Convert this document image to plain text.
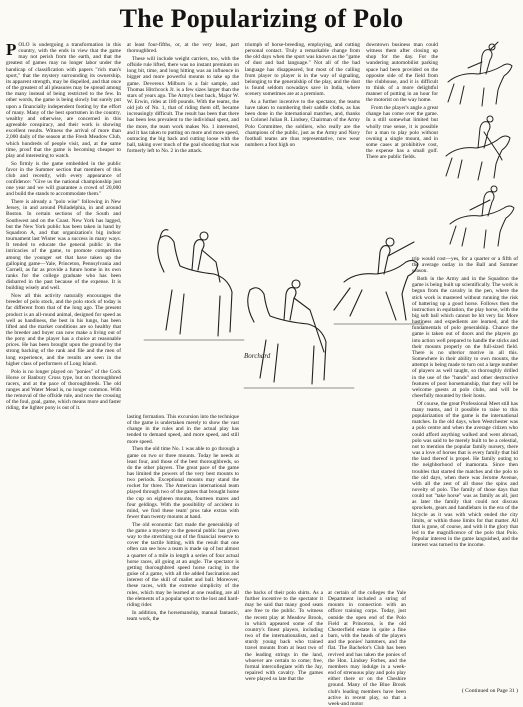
The Popularizing of Polo

POLO is undergoing a transformation in this country, with the ends in view that the game may not perish from the earth, and that the greatest of games may no longer labor under the handicap of classification with papers "rich man's sport," that the mystery surrounding its ownership, its apparent strength, may be dispelled, and that once of the greatest of all pleasures may be spread among the many instead of being restricted to the few. In other words, the game is being slowly but surely put upon a financially independent footing by the effort of many. Many of the best sportsmen in the country, wealthy and otherwise, are concerned in this agreeable conspiracy, and their work is showing excellent results. Witness the arrival of more than 2,000 daily of the season at the Fresh Meadow Club, which hundreds of people visit, and, at the same time, proof that the game is becoming cheaper to play and interesting to watch.

So firmly is the game embedded in the public favor in the Summer section that members of this club and recently, with every appearance of confidence: "Give us the national championship just one year and we will guarantee a crowd of 20,000 and build the stands to accommodate them."

There is already a "polo wise" following in New Jersey, in and around Philadelphia, in and around Boston. In certain sections of the South and Southwest and on the Coast. New York has lagged, but the New York public has been taken in hand by Squadron A, and that organization's big indoor tournament last Winter was a success in many ways. It tended to educate the general public in the intricacies of the game, to promote competition among the younger set that have taken up the galloping game—Yale, Princeton, Pennsylvania and Cornell, as far as provide a future home in its own ranks for the college graduate who has been disbarred in the past because of the expense. It is building wisely and well.

Now all this activity naturally encourages the breeder of polo stock, and the polo stock of today is far different from that of the long ago. The present product is an all-round animal, designed for speed as well as handiness, the best in his lungs, has been lifted and the market conditions are so healthy that the breeder and buyer can now make a living out of the pony and the player has a choice at reasonable prices. He has been brought upon the ground by the strong backing of the rank and file and the men of long experience, and the results are seen in the higher class of performers of Long Island.

Polo is no longer played on "ponies" of the Cock Horse or Banbury Cross type, but on thoroughbred racers, and at the pace of thoroughbreds. The old ranges and Water Mead is, no longer common. With the removal of the offside rule, and now the crossing of the foul, goal, game, which means more and faster riding, the lighter pony is out of it.

at least four-fifths, or, at the very least, part thoroughbred.

These will include weight carriers, too, with the offside rule lifted, there was no instant premium on long bit, time, and long hitting was an influence in bigger and more powerful mounts to take up the game. Devereux Milburn is a fair sample, and Thomas Hitchcock Jr. is a few sizes larger than the stars of years ago. The Army's best back, Major W. W. Erwin, rides at 180 pounds. With the teams, the old job of No. 1, that of riding them off, became increasingly difficult. The result has been that there has been less prevalent to the individual spent, and the more, the team work makes No. 1 interested, and it has taken to putting on more and more speed, outracing the big back and cutting loose with the ball, taking over much of the goal shooting that was formerly left to No. 2 in the attack.

triumph of horse-breeding, employing, and cutting personal contact. Truly a remarkable change from the old days when the sport was known as the "game of dust and bad language." Not all of the bad language has disappeared, but most of the calling from player to player is in the way of signaling, belonging to the generalship of the play, and the dust is found seldom nowadays save in India, where scenery sometimes are at a premium.

As a further incentive to the spectator, the teams have taken to numbering their saddle cloths, as has been done in the international matches, and, thanks to Colonel Julian R. Lindsey, Chairman of the Army Polo Committee, the soldiers, who really are the champions of the public, just as the Army and Navy football teams are thus representative, now wear numbers a foot high on

downtown business man could witness them after closing up shop for the day. For the wandering automobilist parking space had been provided on the opposite side of the field from the clubhouse, and it is difficult to think of a more delightful manner of putting in an hour for the motorist on the way home.

From the player's angle a great change has come over the game. In a still somewhat limited but wholly true sense, it is possible for a man to play polo without owning a single mount, and in some cases at prohibitive cost, the expense has a small golf. There are public fields.

Borchard

lasting formation. This excursion into the technique of the game is undertaken merely to show the vast change in the rules and in the actual play has tended to demand speed, and more speed, and still more speed.

Then the old time No. 1 was able to go through a game on two or three mounts. Today he needs at least four, and those of the best thoroughbreds, so do the other players. The great pace of the game has limited the powers of the very best mounts to two periods. Exceptional mounts may stand the rocket for three. The American international team played through two of the games that brought home the cup on eighteen mounts, fourteen mares and four geldings. With the possibility of accident in mind, we find these team' pros take extras with fewer than twenty mounts at hand.

The old economic fact made the generalship of the game a mystery to the general public has given way to the stretching out of the financial reserve to cover the tactile hitting, with the result that one often can see how a team is made up of but almost a quarter of a mile in length a series of four actual horse races, all going at an angle. The spectator is getting thoroughbred speed horse racing in the guise of a game, with all the added fascination and interest of the skill of mallet and ball. Moreover, these races, with the extreme simplicity of the rules, which may be learned at one reading, are all the elements of a popular sport to the lost and hard-riding rider.

In addition, the horsemanship, manual fantastic, team work, the

the backs of their polo shirts. As a further incentive to the spectator it may be said that many good seats are free to the public. To witness the recent play at Meadow Brook, in which appeared some of the country's finest players, including two of the internationalists, and a sturdy young back who trained travel mounts from at least two of the leading strings in the land, whoever are certain to come; free, formal intercollegiate with the Jay, repaired with cavalry. The games were played so late that the

at certain of the colleges the Yale Department included a string of mounts in connection with an officer training corps. Today, just outside the open end of the Polo Field at Princeton, is the old Chesterfield estate in quite a fine barn, with the heads of the players and the ponies' hammers, and the flat. The Bachelor's Club has been revived and has taken the ponies of the Hon. Lindsey Forbes, and the members may indulge in a week-end of strenuous play and polo play either there or on the Cheshire ground. Many of the Blue Brook club's leading members have been active in recent play, so that a week-and motor

trip would cost—yes, for a quarter or a fifth of the average outlay in the Ball and Summer season.

Both in the Army and in the Squadron the game is being built up scientifically. The work is begun from the cavalry in the pen, where the stick work is mastered without running the risk of battering up a good horse. Follows then the instruction in equitation, the play horse, with the big soft ball which cannot be hit very far. More hastiness and expedients are learned, and the fundamentals of polo generalship. Chance the game is taken out of doors and the players go into action well prepared to handle the sticks and their mounts properly on the full-sized field. There is no ulterior motive in all this. Somewhere in their ability to own mounts, the attempt is being made to turn out a large number of players as well taught, so thoroughly drilled in the use of the "hands" and other destructive features of poor horsemanship, that they will be welcome guests at polo clubs, and will be cheerfully mounted by their hosts.

Of course, the great Professional Meet still has many teams, and it possible to raise to this popularization of the game is the international matches. In the old days, when Westchester was a polo centre and when the average citizen who could afford anything walked and went abroad, polo was said to be merely built to be a celestial, not to mention the popular family nursery, there was a love of horses that is every family that bid the land thereof is propel. He family outing to the neighborhood of inamorata. Since then troubles that started the matches and the polo to the old days, when there was Jerome Avenue, with all the zest of all those the spins and novelty of polo. The family of those days that could not "take horse" was as family as all, just as later the family that could not discuss sprockets, gears and handlebars in the era of the bicycle as it was with which ended the city limits, or within those limits for that matter. All that is gone, of course, and with it the glory that led to the magnificence of the polo that Polo. Popular interest in the game languished, and the interest was turned to the income.

( Continued on Page 31 )
